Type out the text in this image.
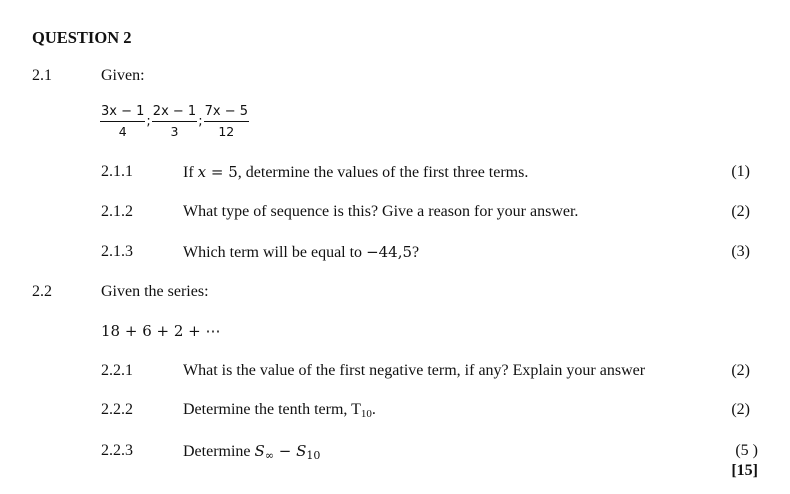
QUESTION 2
2.1	Given:
$\frac{3x - 1}{4}$ ; $\frac{2x - 1}{3}$ ; $\frac{7x - 5}{12}$
2.1.1	If x = 5, determine the values of the first three terms.	(1)
2.1.2	What type of sequence is this? Give a reason for your answer.	(2)
2.1.3	Which term will be equal to −44,5?	(3)
2.2	Given the series:
18 + 6 + 2 + ⋯
2.2.1	What is the value of the first negative term, if any? Explain your answer	(2)
2.2.2	Determine the tenth term, $T_{10}$.	(2)
2.2.3	Determine $S_\infty - S_{10}$	(5 )
[15]
